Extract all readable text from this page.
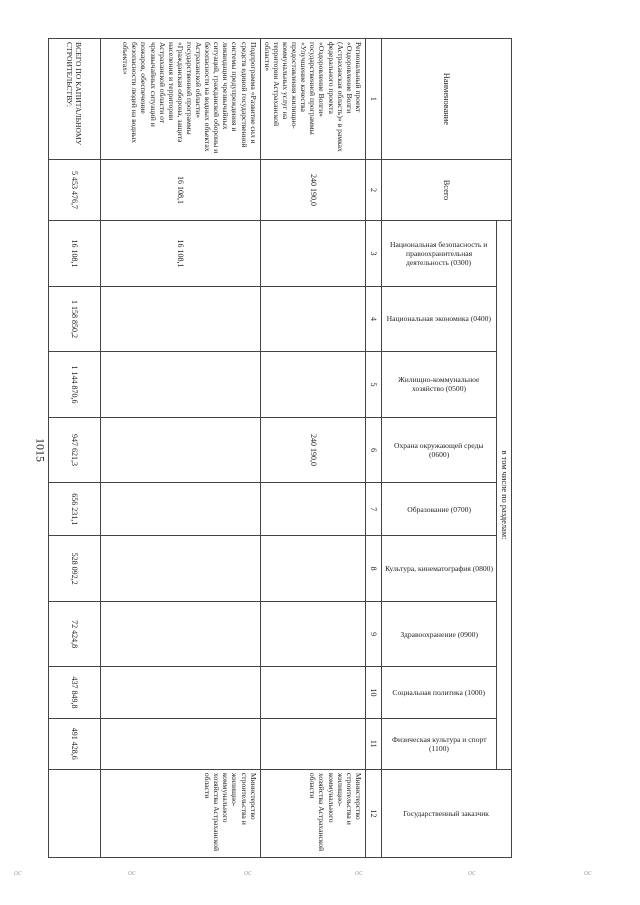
1015
Наименование	Всего	в том числе по разделам:									Государственный заказчик

		Национальная безопасность и правоохранительная деятельность (0300)	Национальная экономика (0400)	Жилищно-коммунальное хозяйство (0500)	Охрана окружающей среды (0600)	Образование (0700)	Культура, кинематография (0800)	Здравоохранение (0900)	Социальная политика (1000)	Физическая культура и спорт (1100)	

1	2	3	4	5	6	7	8	9	10	11	12
Региональный проект «Оздоровление Волги (Астраханская область)» в рамках федерального проекта «Оздоровление Волги» государственной программы «Улучшение качества предоставления жилищно-коммунальных услуг на территории Астраханской области»	240 190,0				240 190,0						Министерство строительства и жилищно-коммунального хозяйства Астраханской области
Подпрограмма «Развитие сил и средств единой государственной системы предупреждения и ликвидации чрезвычайных ситуаций, гражданской обороны и безопасности на водных объектах Астраханской области» государственной программы «Гражданская оборона, защита населения и территории Астраханской области от чрезвычайных ситуаций и пожаров, обеспечение безопасности людей на водных объектах»	16 108,1	16 108,1									Министерство строительства и жилищно-коммунального хозяйства Астраханской области
ВСЕГО ПО КАПИТАЛЬНОМУ СТРОИТЕЛЬСТВУ:	5 453 476,7	16 108,1	1 158 850,2	1 144 870,6	947 621,3	656 231,1	528 092,2	72 424,8	437 849,8	491 428,6	
ос	ос	ос	ос	ос	ос
